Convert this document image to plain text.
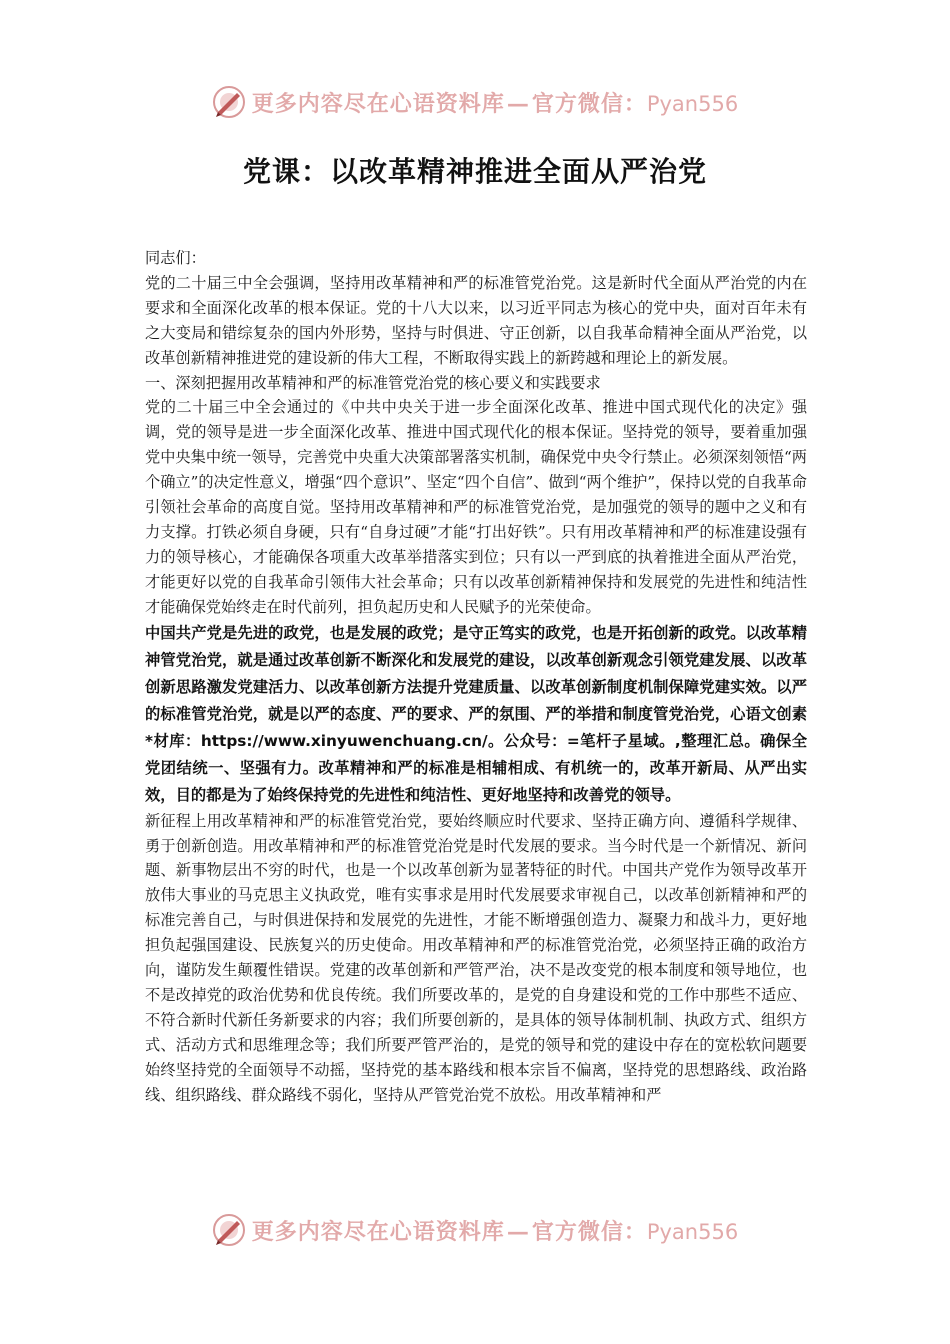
更多内容尽在心语资料库—官方微信：Pyan556
党课：以改革精神推进全面从严治党

同志们：

党的二十届三中全会强调，坚持用改革精神和严的标准管党治党。这是新时代全面从严治党的内在要求和全面深化改革的根本保证。党的十八大以来，以习近平同志为核心的党中央，面对百年未有之大变局和错综复杂的国内外形势，坚持与时俱进、守正创新，以自我革命精神全面从严治党，以改革创新精神推进党的建设新的伟大工程，不断取得实践上的新跨越和理论上的新发展。

一、深刻把握用改革精神和严的标准管党治党的核心要义和实践要求

党的二十届三中全会通过的《中共中央关于进一步全面深化改革、推进中国式现代化的决定》强调，党的领导是进一步全面深化改革、推进中国式现代化的根本保证。坚持党的领导，要着重加强党中央集中统一领导，完善党中央重大决策部署落实机制，确保党中央令行禁止。必须深刻领悟“两个确立”的决定性意义，增强“四个意识”、坚定“四个自信”、做到“两个维护”，保持以党的自我革命引领社会革命的高度自觉。坚持用改革精神和严的标准管党治党，是加强党的领导的题中之义和有力支撑。打铁必须自身硬，只有“自身过硬”才能“打出好铁”。只有用改革精神和严的标准建设强有力的领导核心，才能确保各项重大改革举措落实到位；只有以一严到底的执着推进全面从严治党，才能更好以党的自我革命引领伟大社会革命；只有以改革创新精神保持和发展党的先进性和纯洁性才能确保党始终走在时代前列，担负起历史和人民赋予的光荣使命。

中国共产党是先进的政党，也是发展的政党；是守正笃实的政党，也是开拓创新的政党。以改革精神管党治党，就是通过改革创新不断深化和发展党的建设，以改革创新观念引领党建发展、以改革创新思路激发党建活力、以改革创新方法提升党建质量、以改革创新制度机制保障党建实效。以严的标准管党治党，就是以严的态度、严的要求、严的氛围、严的举措和制度管党治党，心语文创素*材库：https://www.xinyuwenchuang.cn/。公众号：=笔杆子星域。,整理汇总。确保全党团结统一、坚强有力。改革精神和严的标准是相辅相成、有机统一的，改革开新局、从严出实效，目的都是为了始终保持党的先进性和纯洁性、更好地坚持和改善党的领导。

新征程上用改革精神和严的标准管党治党，要始终顺应时代要求、坚持正确方向、遵循科学规律、勇于创新创造。用改革精神和严的标准管党治党是时代发展的要求。当今时代是一个新情况、新问题、新事物层出不穷的时代，也是一个以改革创新为显著特征的时代。中国共产党作为领导改革开放伟大事业的马克思主义执政党，唯有实事求是用时代发展要求审视自己，以改革创新精神和严的标准完善自己，与时俱进保持和发展党的先进性，才能不断增强创造力、凝聚力和战斗力，更好地担负起强国建设、民族复兴的历史使命。用改革精神和严的标准管党治党，必须坚持正确的政治方向，谨防发生颠覆性错误。党建的改革创新和严管严治，决不是改变党的根本制度和领导地位，也不是改掉党的政治优势和优良传统。我们所要改革的，是党的自身建设和党的工作中那些不适应、不符合新时代新任务新要求的内容；我们所要创新的，是具体的领导体制机制、执政方式、组织方式、活动方式和思维理念等；我们所要严管严治的，是党的领导和党的建设中存在的宽松软问题要始终坚持党的全面领导不动摇，坚持党的基本路线和根本宗旨不偏离，坚持党的思想路线、政治路线、组织路线、群众路线不弱化，坚持从严管党治党不放松。用改革精神和严

更多内容尽在心语资料库—官方微信：Pyan556
